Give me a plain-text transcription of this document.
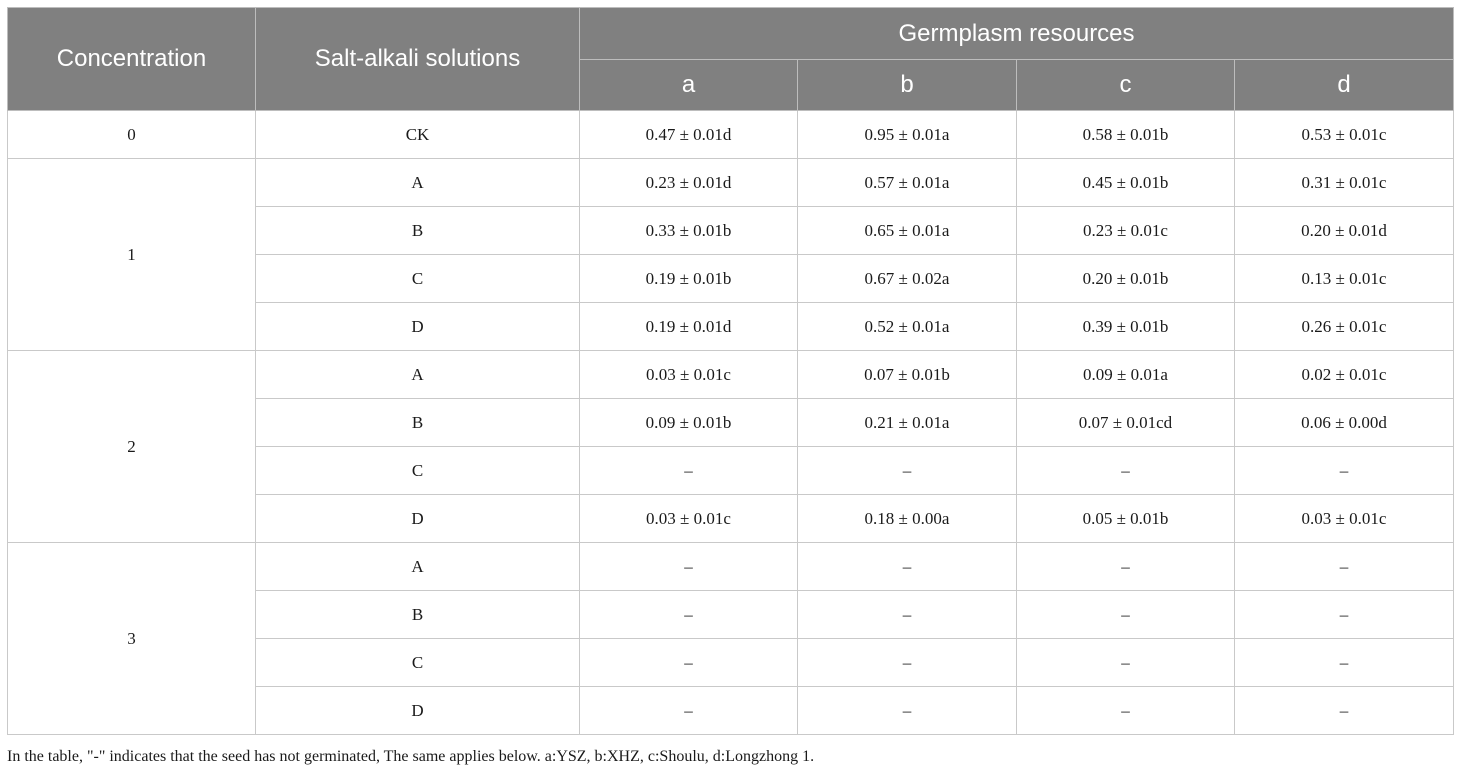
Concentration	Salt-alkali solutions	Germplasm resources			
		a	b	c	d
0	CK	0.47 ± 0.01d	0.95 ± 0.01a	0.58 ± 0.01b	0.53 ± 0.01c
1	A	0.23 ± 0.01d	0.57 ± 0.01a	0.45 ± 0.01b	0.31 ± 0.01c
	B	0.33 ± 0.01b	0.65 ± 0.01a	0.23 ± 0.01c	0.20 ± 0.01d
	C	0.19 ± 0.01b	0.67 ± 0.02a	0.20 ± 0.01b	0.13 ± 0.01c
	D	0.19 ± 0.01d	0.52 ± 0.01a	0.39 ± 0.01b	0.26 ± 0.01c
2	A	0.03 ± 0.01c	0.07 ± 0.01b	0.09 ± 0.01a	0.02 ± 0.01c
	B	0.09 ± 0.01b	0.21 ± 0.01a	0.07 ± 0.01cd	0.06 ± 0.00d
	C	–	–	–	–
	D	0.03 ± 0.01c	0.18 ± 0.00a	0.05 ± 0.01b	0.03 ± 0.01c
3	A	–	–	–	–
	B	–	–	–	–
	C	–	–	–	–
	D	–	–	–	–
In the table, "-" indicates that the seed has not germinated, The same applies below. a:YSZ, b:XHZ, c:Shoulu, d:Longzhong 1.
